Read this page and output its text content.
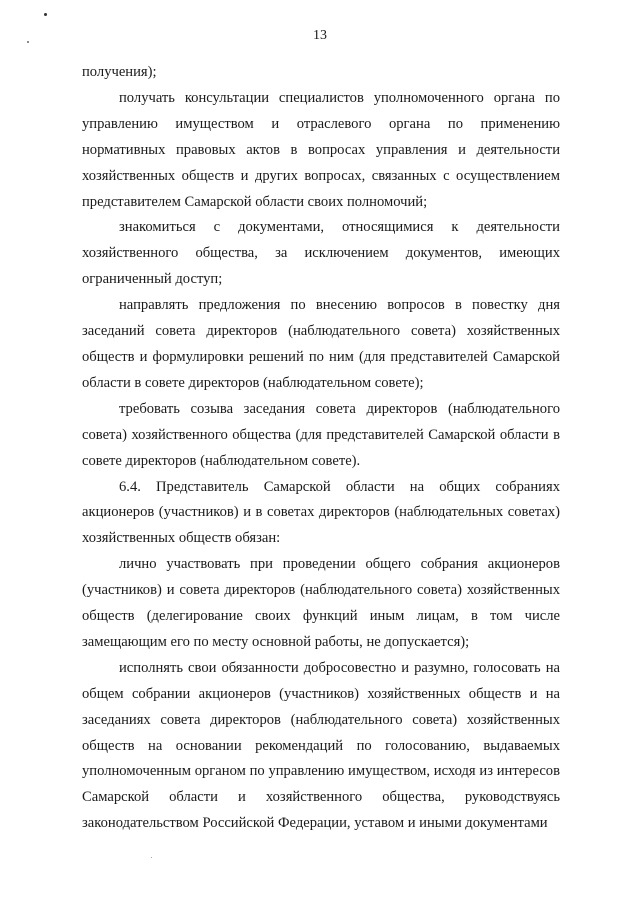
13

получения);

получать консультации специалистов уполномоченного органа по управлению имуществом и отраслевого органа по применению нормативных правовых актов в вопросах управления и деятельности хозяйственных обществ и других вопросах, связанных с осуществлением представителем Самарской области своих полномочий;

знакомиться с документами, относящимися к деятельности хозяйственного общества, за исключением документов, имеющих ограниченный доступ;

направлять предложения по внесению вопросов в повестку дня заседаний совета директоров (наблюдательного совета) хозяйственных обществ и формулировки решений по ним (для представителей Самарской области в совете директоров (наблюдательном совете);

требовать созыва заседания совета директоров (наблюдательного совета) хозяйственного общества (для представителей Самарской области в совете директоров (наблюдательном совете).

6.4. Представитель Самарской области на общих собраниях акционеров (участников) и в советах директоров (наблюдательных советах) хозяйственных обществ обязан:

лично участвовать при проведении общего собрания акционеров (участников) и совета директоров (наблюдательного совета) хозяйственных обществ (делегирование своих функций иным лицам, в том числе замещающим его по месту основной работы, не допускается);

исполнять свои обязанности добросовестно и разумно, голосовать на общем собрании акционеров (участников) хозяйственных обществ и на заседаниях совета директоров (наблюдательного совета) хозяйственных обществ на основании рекомендаций по голосованию, выдаваемых уполномоченным органом по управлению имуществом, исходя из интересов Самарской области и хозяйственного общества, руководствуясь законодательством Российской Федерации, уставом и иными документами
